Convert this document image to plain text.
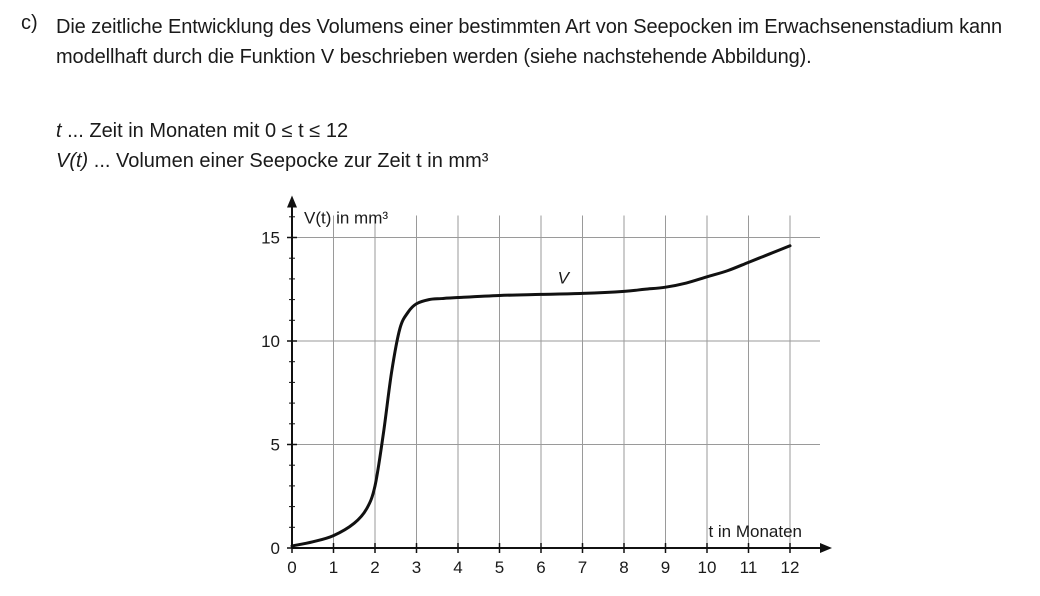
c) Die zeitliche Entwicklung des Volumens einer bestimmten Art von Seepocken im Erwachsenenstadium kann modellhaft durch die Funktion V beschrieben werden (siehe nachstehende Abbildung).
t ... Zeit in Monaten mit 0 ≤ t ≤ 12
V(t) ... Volumen einer Seepocke zur Zeit t in mm³
0 1 2 3 4 5 6 7 8 9 10 11 12
0
5
10
15
V(t) in mm³
t in Monaten
V
